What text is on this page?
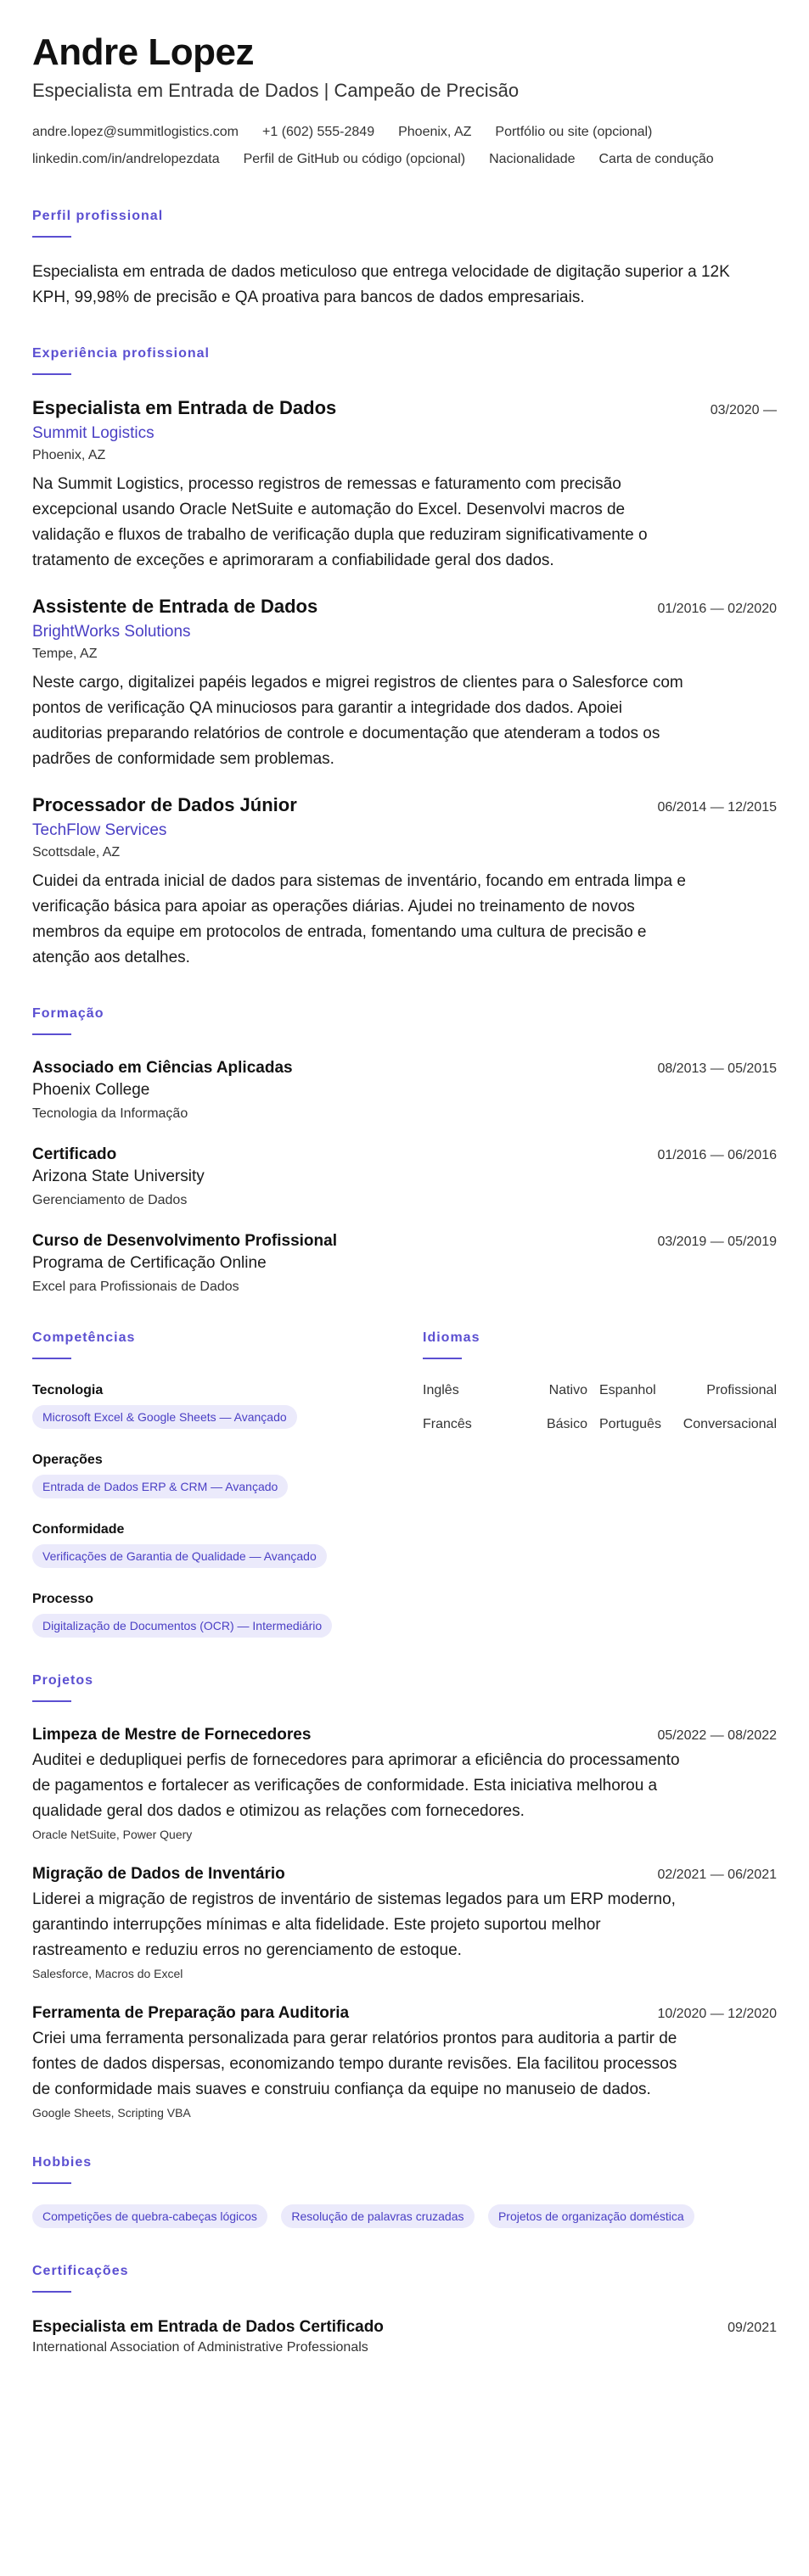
Andre Lopez
Especialista em Entrada de Dados | Campeão de Precisão
andre.lopez@summitlogistics.com +1 (602) 555-2849 Phoenix, AZ Portfólio ou site (opcional)
linkedin.com/in/andrelopezdata Perfil de GitHub ou código (opcional) Nacionalidade Carta de condução
Perfil profissional
Especialista em entrada de dados meticuloso que entrega velocidade de digitação superior a 12K KPH, 99,98% de precisão e QA proativa para bancos de dados empresariais.
Experiência profissional
Especialista em Entrada de Dados	03/2020 —
Summit Logistics
Phoenix, AZ
Na Summit Logistics, processo registros de remessas e faturamento com precisão excepcional usando Oracle NetSuite e automação do Excel. Desenvolvi macros de validação e fluxos de trabalho de verificação dupla que reduziram significativamente o tratamento de exceções e aprimoraram a confiabilidade geral dos dados.
Assistente de Entrada de Dados	01/2016 — 02/2020
BrightWorks Solutions
Tempe, AZ
Neste cargo, digitalizei papéis legados e migrei registros de clientes para o Salesforce com pontos de verificação QA minuciosos para garantir a integridade dos dados. Apoiei auditorias preparando relatórios de controle e documentação que atenderam a todos os padrões de conformidade sem problemas.
Processador de Dados Júnior	06/2014 — 12/2015
TechFlow Services
Scottsdale, AZ
Cuidei da entrada inicial de dados para sistemas de inventário, focando em entrada limpa e verificação básica para apoiar as operações diárias. Ajudei no treinamento de novos membros da equipe em protocolos de entrada, fomentando uma cultura de precisão e atenção aos detalhes.
Formação
Associado em Ciências Aplicadas	08/2013 — 05/2015
Phoenix College
Tecnologia da Informação
Certificado	01/2016 — 06/2016
Arizona State University
Gerenciamento de Dados
Curso de Desenvolvimento Profissional	03/2019 — 05/2019
Programa de Certificação Online
Excel para Profissionais de Dados
Competências
Tecnologia
Microsoft Excel & Google Sheets — Avançado
Operações
Entrada de Dados ERP & CRM — Avançado
Conformidade
Verificações de Garantia de Qualidade — Avançado
Processo
Digitalização de Documentos (OCR) — Intermediário
Idiomas
Inglês	Nativo Espanhol	Profissional
Francês	Básico Português	Conversacional
Projetos
Limpeza de Mestre de Fornecedores	05/2022 — 08/2022
Auditei e dedupliquei perfis de fornecedores para aprimorar a eficiência do processamento de pagamentos e fortalecer as verificações de conformidade. Esta iniciativa melhorou a qualidade geral dos dados e otimizou as relações com fornecedores.
Oracle NetSuite, Power Query
Migração de Dados de Inventário	02/2021 — 06/2021
Liderei a migração de registros de inventário de sistemas legados para um ERP moderno, garantindo interrupções mínimas e alta fidelidade. Este projeto suportou melhor rastreamento e reduziu erros no gerenciamento de estoque.
Salesforce, Macros do Excel
Ferramenta de Preparação para Auditoria	10/2020 — 12/2020
Criei uma ferramenta personalizada para gerar relatórios prontos para auditoria a partir de fontes de dados dispersas, economizando tempo durante revisões. Ela facilitou processos de conformidade mais suaves e construiu confiança da equipe no manuseio de dados.
Google Sheets, Scripting VBA
Hobbies
Competições de quebra-cabeças lógicos	Resolução de palavras cruzadas	Projetos de organização doméstica
Certificações
Especialista em Entrada de Dados Certificado	09/2021
International Association of Administrative Professionals
